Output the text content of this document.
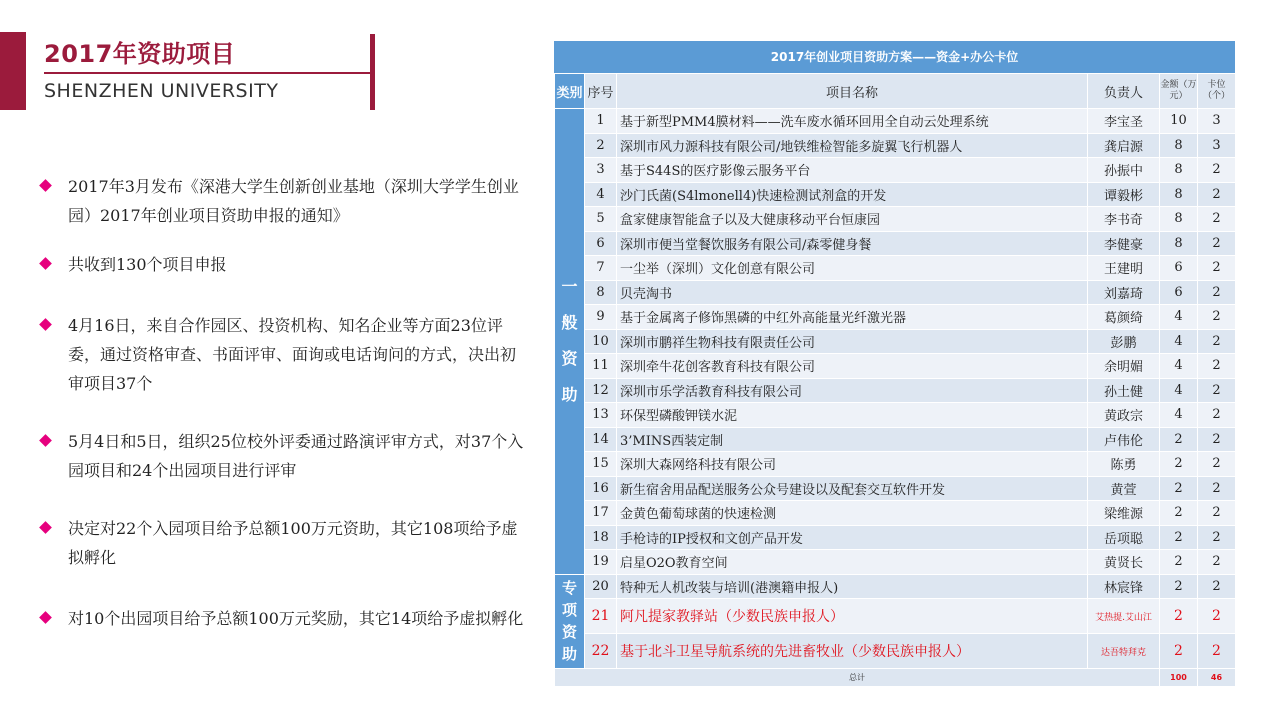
2017年资助项目
SHENZHEN UNIVERSITY
2017年3月发布《深港大学生创新创业基地（深圳大学学生创业园）2017年创业项目资助申报的通知》
共收到130个项目申报
4月16日，来自合作园区、投资机构、知名企业等方面23位评委，通过资格审查、书面评审、面询或电话询问的方式，决出初审项目37个
5月4日和5日，组织25位校外评委通过路演评审方式，对37个入园项目和24个出园项目进行评审
决定对22个入园项目给予总额100万元资助，其它108项给予虚拟孵化
对10个出园项目给予总额100万元奖励，其它14项给予虚拟孵化
2017年创业项目资助方案——资金+办公卡位
类别	序号	项目名称	负责人	金额（万元）	卡位（个）

一
般
资
助	1	基于新型PMM4膜材料——洗车废水循环回用全自动云处理系统	李宝圣	10	3
	2	深圳市风力源科技有限公司/地铁维检智能多旋翼飞行机器人	龚启源	8	3
	3	基于S44S的医疗影像云服务平台	孙振中	8	2
	4	沙门氏菌(S4lmonell4)快速检测试剂盒的开发	谭毅彬	8	2
	5	盒家健康智能盒子以及大健康移动平台恒康园	李书奇	8	2
	6	深圳市便当堂餐饮服务有限公司/森零健身餐	李健豪	8	2
	7	一尘举（深圳）文化创意有限公司	王建明	6	2
	8	贝壳淘书	刘嘉琦	6	2
	9	基于金属离子修饰黑磷的中红外高能量光纤激光器	葛颜绮	4	2
	10	深圳市鹏祥生物科技有限责任公司	彭鹏	4	2
	11	深圳牵牛花创客教育科技有限公司	余明媚	4	2
	12	深圳市乐学活教育科技有限公司	孙土健	4	2
	13	环保型磷酸钾镁水泥	黄政宗	4	2
	14	3’MINS西装定制	卢伟伦	2	2
	15	深圳大森网络科技有限公司	陈勇	2	2
	16	新生宿舍用品配送服务公众号建设以及配套交互软件开发	黄萱	2	2
	17	金黄色葡萄球菌的快速检测	梁维源	2	2
	18	手枪诗的IP授权和文创产品开发	岳项聪	2	2
	19	启星O2O教育空间	黄贤长	2	2

专
项
资
助	20	特种无人机改装与培训(港澳籍申报人)	林宸锋	2	2
	21	阿凡提家教驿站（少数民族申报人）	艾热提.艾山江	2	2
	22	基于北斗卫星导航系统的先进畜牧业（少数民族申报人）	达吾特拜克	2	2
总计				100	46
